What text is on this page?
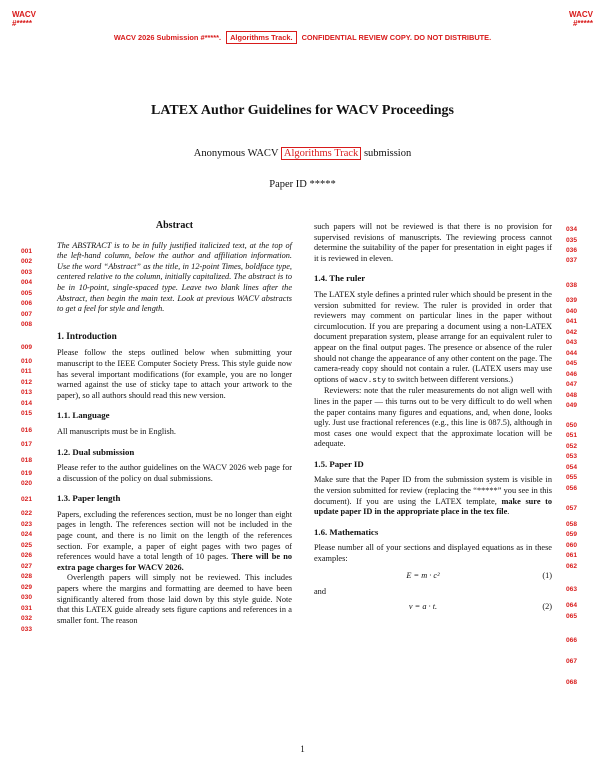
WACV
#*****
WACV
#*****
WACV 2026 Submission #*****. Algorithms Track. CONFIDENTIAL REVIEW COPY. DO NOT DISTRIBUTE.
LATEX Author Guidelines for WACV Proceedings
Anonymous WACV Algorithms Track submission
Paper ID *****
Abstract

The ABSTRACT is to be in fully justified italicized text, at the top of the left-hand column, below the author and affiliation information. Use the word “Abstract” as the title, in 12-point Times, boldface type, centered relative to the column, initially capitalized. The abstract is to be in 10-point, single-spaced type. Leave two blank lines after the Abstract, then begin the main text. Look at previous WACV abstracts to get a feel for style and length.

1. Introduction

Please follow the steps outlined below when submitting your manuscript to the IEEE Computer Society Press. This style guide now has several important modifications (for example, you are no longer warned against the use of sticky tape to attach your artwork to the paper), so all authors should read this new version.

1.1. Language

All manuscripts must be in English.

1.2. Dual submission

Please refer to the author guidelines on the WACV 2026 web page for a discussion of the policy on dual submissions.

1.3. Paper length

Papers, excluding the references section, must be no longer than eight pages in length. The references section will not be included in the page count, and there is no limit on the length of the references section. For example, a paper of eight pages with two pages of references would have a total length of 10 pages. There will be no extra page charges for WACV 2026.

Overlength papers will simply not be reviewed. This includes papers where the margins and formatting are deemed to have been significantly altered from those laid down by this style guide. Note that this LATEX guide already sets figure captions and references in a smaller font. The reason

such papers will not be reviewed is that there is no provision for supervised revisions of manuscripts. The reviewing process cannot determine the suitability of the paper for presentation in eight pages if it is reviewed in eleven.

1.4. The ruler

The LATEX style defines a printed ruler which should be present in the version submitted for review. The ruler is provided in order that reviewers may comment on particular lines in the paper without circumlocution. If you are preparing a document using a non-LATEX document preparation system, please arrange for an equivalent ruler to appear on the final output pages. The presence or absence of the ruler should not change the appearance of any other content on the page. The camera-ready copy should not contain a ruler. (LATEX users may use options of wacv.sty to switch between different versions.)

Reviewers: note that the ruler measurements do not align well with lines in the paper — this turns out to be very difficult to do well when the paper contains many figures and equations, and, when done, looks ugly. Just use fractional references (e.g., this line is 087.5), although in most cases one would expect that the approximate location will be adequate.

1.5. Paper ID

Make sure that the Paper ID from the submission system is visible in the version submitted for review (replacing the “*****” you see in this document). If you are using the LATEX template, make sure to update paper ID in the appropriate place in the tex file.

1.6. Mathematics

Please number all of your sections and displayed equations as in these examples:

E = m · c²	(1)

and

v = a · t.	(2)
001
002
003
004
005
006
007
008
009
010
011
012
013
014
015
016
017
018
019
020
021
022
023
024
025
026
027
028
029
030
031
032
033
034
035
036
037
038
039
040
041
042
043
044
045
046
047
048
049
050
051
052
053
054
055
056
057
058
059
060
061
062
063
064
065
066
067
068
1
